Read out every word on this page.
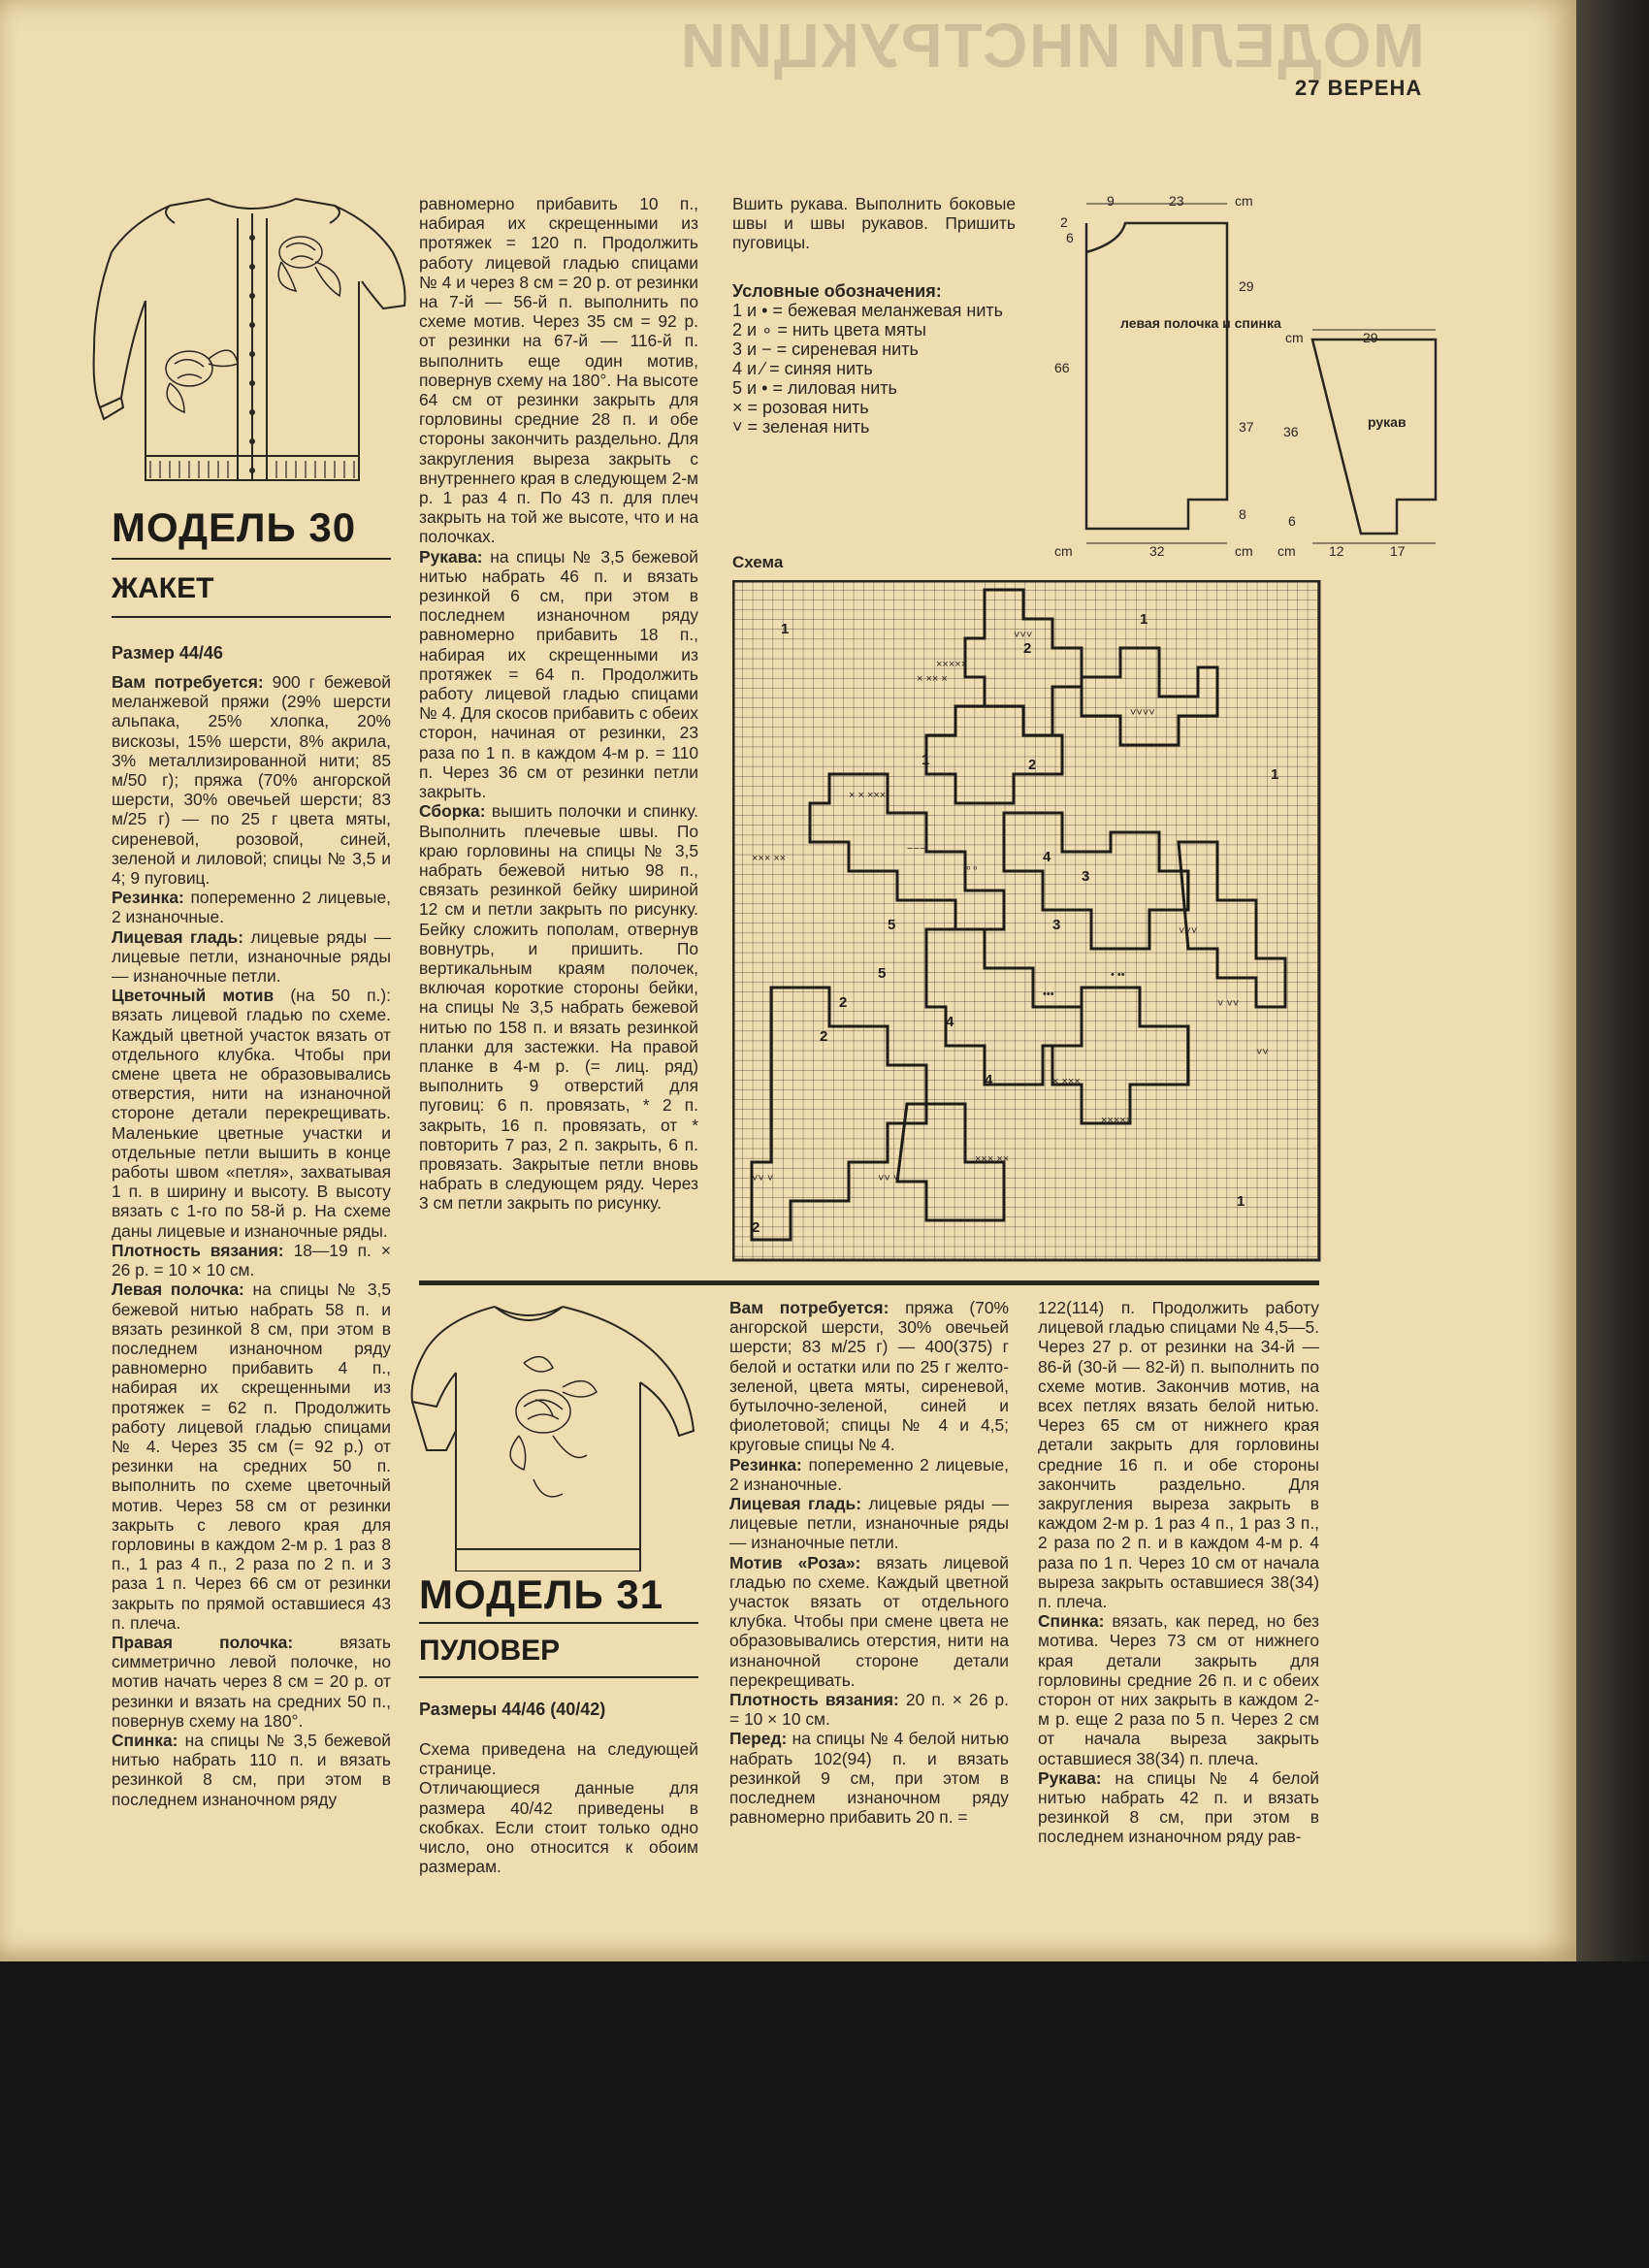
МОДЕЛИ ИНСТРУКЦИИ
27 ВЕРЕНА
МОДЕЛЬ 30
ЖАКЕТ
Размер 44/46

Вам потребуется: 900 г бежевой меланжевой пряжи (29% шерсти альпака, 25% хлопка, 20% вискозы, 15% шерсти, 8% акрила, 3% металлизированной нити; 85 м/50 г); пряжа (70% ангорской шерсти, 30% овечьей шерсти; 83 м/25 г) — по 25 г цвета мяты, сиреневой, розовой, синей, зеленой и лиловой; спицы № 3,5 и 4; 9 пуговиц.

Резинка: попеременно 2 лицевые, 2 изнаночные.

Лицевая гладь: лицевые ряды — лицевые петли, изнаночные ряды — изнаночные петли.

Цветочный мотив (на 50 п.): вязать лицевой гладью по схеме. Каждый цветной участок вязать от отдельного клубка. Чтобы при смене цвета не образовывались отверстия, нити на изнаночной стороне детали перекрещивать. Маленькие цветные участки и отдельные петли вышить в конце работы швом «петля», захватывая 1 п. в ширину и высоту. В высоту вязать с 1-го по 58-й р. На схеме даны лицевые и изнаночные ряды.

Плотность вязания: 18—19 п. × 26 р. = 10 × 10 см.

Левая полочка: на спицы № 3,5 бежевой нитью набрать 58 п. и вязать резинкой 8 см, при этом в последнем изнаночном ряду равномерно прибавить 4 п., набирая их скрещенными из протяжек = 62 п. Продолжить работу лицевой гладью спицами № 4. Через 35 см (= 92 р.) от резинки на средних 50 п. выполнить по схеме цветочный мотив. Через 58 см от резинки закрыть с левого края для горловины в каждом 2-м р. 1 раз 8 п., 1 раз 4 п., 2 раза по 2 п. и 3 раза 1 п. Через 66 см от резинки закрыть по прямой оставшиеся 43 п. плеча.

Правая полочка: вязать симметрично левой полочке, но мотив начать через 8 см = 20 р. от резинки и вязать на средних 50 п., повернув схему на 180°.

Спинка: на спицы № 3,5 бежевой нитью набрать 110 п. и вязать резинкой 8 см, при этом в последнем изнаночном ряду

равномерно прибавить 10 п., набирая их скрещенными из протяжек = 120 п. Продолжить работу лицевой гладью спицами № 4 и через 8 см = 20 р. от резинки на 7-й — 56-й п. выполнить по схеме мотив. Через 35 см = 92 р. от резинки на 67-й — 116-й п. выполнить еще один мотив, повернув схему на 180°. На высоте 64 см от резинки закрыть для горловины средние 28 п. и обе стороны закончить раздельно. Для закругления выреза закрыть с внутреннего края в следующем 2-м р. 1 раз 4 п. По 43 п. для плеч закрыть на той же высоте, что и на полочках.

Рукава: на спицы № 3,5 бежевой нитью набрать 46 п. и вязать резинкой 6 см, при этом в последнем изнаночном ряду равномерно прибавить 18 п., набирая их скрещенными из протяжек = 64 п. Продолжить работу лицевой гладью спицами № 4. Для скосов прибавить с обеих сторон, начиная от резинки, 23 раза по 1 п. в каждом 4-м р. = 110 п. Через 36 см от резинки петли закрыть.

Сборка: вышить полочки и спинку. Выполнить плечевые швы. По краю горловины на спицы № 3,5 набрать бежевой нитью 98 п., связать резинкой бейку шириной 12 см и петли закрыть по рисунку. Бейку сложить пополам, отвернув вовнутрь, и пришить. По вертикальным краям полочек, включая короткие стороны бейки, на спицы № 3,5 набрать бежевой нитью по 158 п. и вязать резинкой планки для застежки. На правой планке в 4-м р. (= лиц. ряд) выполнить 9 отверстий для пуговиц: 6 п. провязать, * 2 п. закрыть, 16 п. провязать, от * повторить 7 раз, 2 п. закрыть, 6 п. провязать. Закрытые петли вновь набрать в следующем ряду. Через 3 см петли закрыть по рисунку.

Вшить рукава. Выполнить боковые швы и швы рукавов. Пришить пуговицы.

Условные обозначения:
1 и • = бежевая меланжевая нить
2 и ∘ = нить цвета мяты
3 и − = сиреневая нить
4 и ⁄ = синяя нить
5 и • = лиловая нить
× = розовая нить
˅ = зеленая нить
левая полочка и спинка
рукав
9	23	cm
2
6
29
66
37
8
32
cm	cm
29
cm
36
6
12	17
cm
Схема
1
1
1
1
1
2
2
2
2
2
3
3
4
4
4
5
5
×××××
× ×× ×
× × ×××
××× ××
×××××
××× ××
× ×××
˅˅˅
˅ ˅˅
˅˅
˅˅˅
˅˅˅˅
˅˅ ˅
˅˅ ˅
•••
• ••
−−−
∘∘
МОДЕЛЬ 31
ПУЛОВЕР
Размеры 44/46 (40/42)

Схема приведена на следующей странице.

Отличающиеся данные для размера 40/42 приведены в скобках. Если стоит только одно число, оно относится к обоим размерам.

Вам потребуется: пряжа (70% ангорской шерсти, 30% овечьей шерсти; 83 м/25 г) — 400(375) г белой и остатки или по 25 г желто-зеленой, цвета мяты, сиреневой, бутылочно-зеленой, синей и фиолетовой; спицы № 4 и 4,5; круговые спицы № 4.

Резинка: попеременно 2 лицевые, 2 изнаночные.

Лицевая гладь: лицевые ряды — лицевые петли, изнаночные ряды — изнаночные петли.

Мотив «Роза»: вязать лицевой гладью по схеме. Каждый цветной участок вязать от отдельного клубка. Чтобы при смене цвета не образовывались отерстия, нити на изнаночной стороне детали перекрещивать.

Плотность вязания: 20 п. × 26 р. = 10 × 10 см.

Перед: на спицы № 4 белой нитью набрать 102(94) п. и вязать резинкой 9 см, при этом в последнем изнаночном ряду равномерно прибавить 20 п. =

122(114) п. Продолжить работу лицевой гладью спицами № 4,5—5. Через 27 р. от резинки на 34-й — 86-й (30-й — 82-й) п. выполнить по схеме мотив. Закончив мотив, на всех петлях вязать белой нитью. Через 65 см от нижнего края детали закрыть для горловины средние 16 п. и обе стороны закончить раздельно. Для закругления выреза закрыть в каждом 2-м р. 1 раз 4 п., 1 раз 3 п., 2 раза по 2 п. и в каждом 4-м р. 4 раза по 1 п. Через 10 см от начала выреза закрыть оставшиеся 38(34) п. плеча.

Спинка: вязать, как перед, но без мотива. Через 73 см от нижнего края детали закрыть для горловины средние 26 п. и с обеих сторон от них закрыть в каждом 2-м р. еще 2 раза по 5 п. Через 2 см от начала выреза закрыть оставшиеся 38(34) п. плеча.

Рукава: на спицы № 4 белой нитью набрать 42 п. и вязать резинкой 8 см, при этом в последнем изнаночном ряду рав-
